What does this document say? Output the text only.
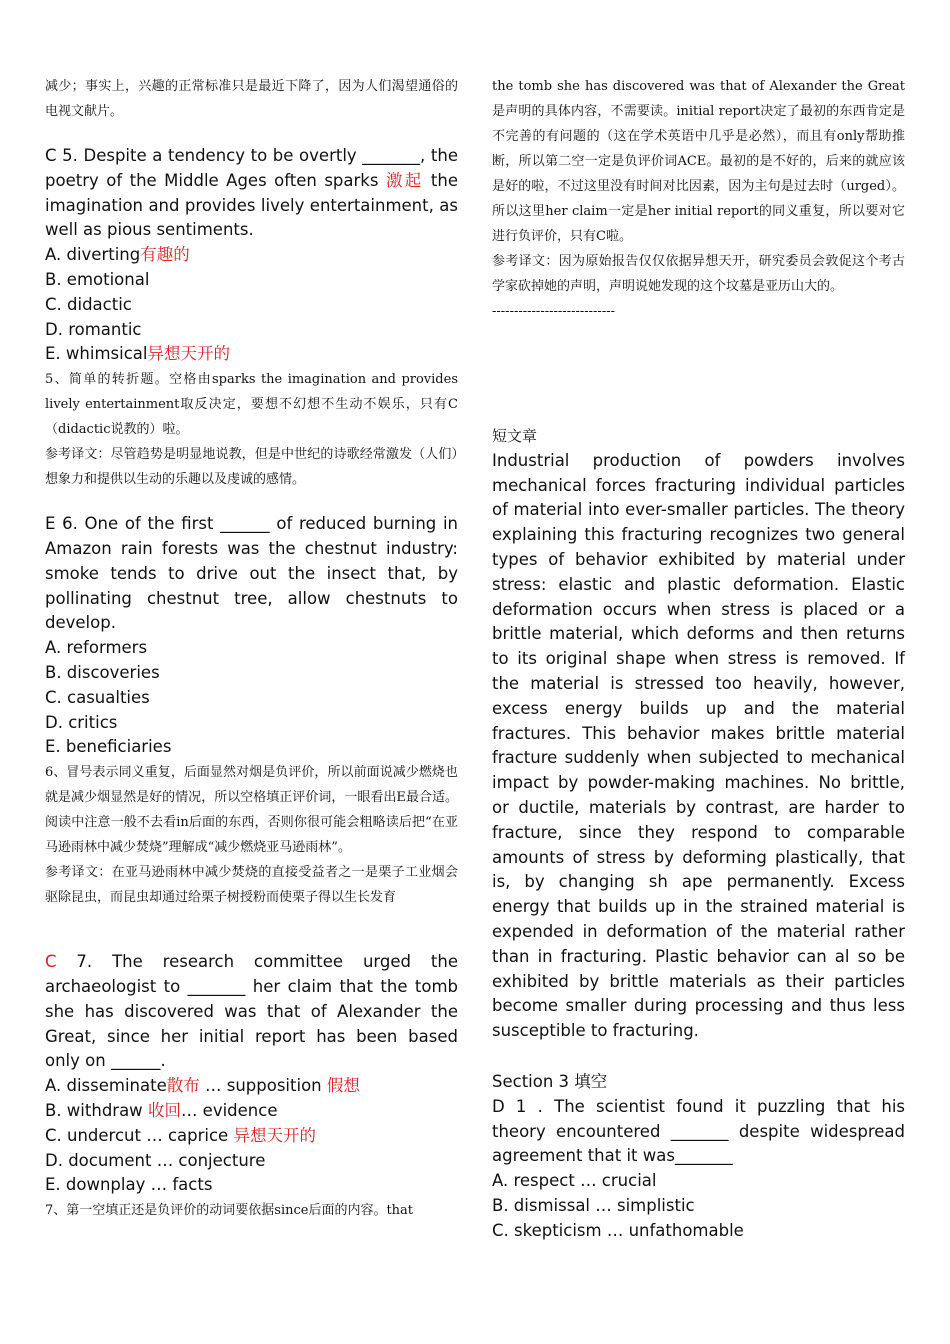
减少；事实上，兴趣的正常标准只是最近下降了，因为人们渴望通俗的电视文献片。

C 5. Despite a tendency to be overtly _______, the poetry of the Middle Ages often sparks 激起 the imagination and provides lively entertainment, as well as pious sentiments.

A. diverting有趣的

B. emotional

C. didactic

D. romantic

E. whimsical异想天开的

5、简单的转折题。空格由sparks the imagination and provides lively entertainment取反决定，要想不幻想不生动不娱乐，只有C（didactic说教的）啦。

参考译文：尽管趋势是明显地说教，但是中世纪的诗歌经常激发（人们）想象力和提供以生动的乐趣以及虔诚的感情。

E 6. One of the first ______ of reduced burning in Amazon rain forests was the chestnut industry: smoke tends to drive out the insect that, by pollinating chestnut tree, allow chestnuts to develop.

A. reformers

B. discoveries

C. casualties

D. critics

E. beneficiaries

6、冒号表示同义重复，后面显然对烟是负评价，所以前面说减少燃烧也就是减少烟显然是好的情况，所以空格填正评价词，一眼看出E最合适。阅读中注意一般不去看in后面的东西，否则你很可能会粗略读后把“在亚马逊雨林中减少焚烧”理解成“减少燃烧亚马逊雨林”。

参考译文：在亚马逊雨林中减少焚烧的直接受益者之一是栗子工业烟会驱除昆虫，而昆虫却通过给栗子树授粉而使栗子得以生长发育

C 7. The research committee urged the archaeologist to _______ her claim that the tomb she has discovered was that of Alexander the Great, since her initial report has been based only on ______.

A. disseminate散布 … supposition 假想

B. withdraw 收回… evidence

C. undercut … caprice 异想天开的

D. document … conjecture

E. downplay … facts

7、第一空填正还是负评价的动词要依据since后面的内容。that

the tomb she has discovered was that of Alexander the Great是声明的具体内容，不需要读。initial report决定了最初的东西肯定是不完善的有问题的（这在学术英语中几乎是必然），而且有only帮助推断，所以第二空一定是负评价词ACE。最初的是不好的，后来的就应该是好的啦，不过这里没有时间对比因素，因为主句是过去时（urged）。所以这里her claim一定是her initial report的同义重复，所以要对它进行负评价，只有C啦。

参考译文：因为原始报告仅仅依据异想天开，研究委员会敦促这个考古学家砍掉她的声明，声明说她发现的这个坟墓是亚历山大的。

----------------------------

短文章

Industrial production of powders involves mechanical forces fracturing individual particles of material into ever-smaller particles. The theory explaining this fracturing recognizes two general types of behavior exhibited by material under stress: elastic and plastic deformation. Elastic deformation occurs when stress is placed or a brittle material, which deforms and then returns to its original shape when stress is removed. If the material is stressed too heavily, however, excess energy builds up and the material fractures. This behavior makes brittle material fracture suddenly when subjected to mechanical impact by powder-making machines. No brittle, or ductile, materials by contrast, are harder to fracture, since they respond to comparable amounts of stress by deforming plastically, that is, by changing sh ape permanently. Excess energy that builds up in the strained material is expended in deformation of the material rather than in fracturing. Plastic behavior can al so be exhibited by brittle materials as their particles become smaller during processing and thus less susceptible to fracturing.

Section 3 填空

D 1 . The scientist found it puzzling that his theory encountered _______ despite widespread agreement that it was_______

A. respect … crucial

B. dismissal … simplistic

C. skepticism … unfathomable
